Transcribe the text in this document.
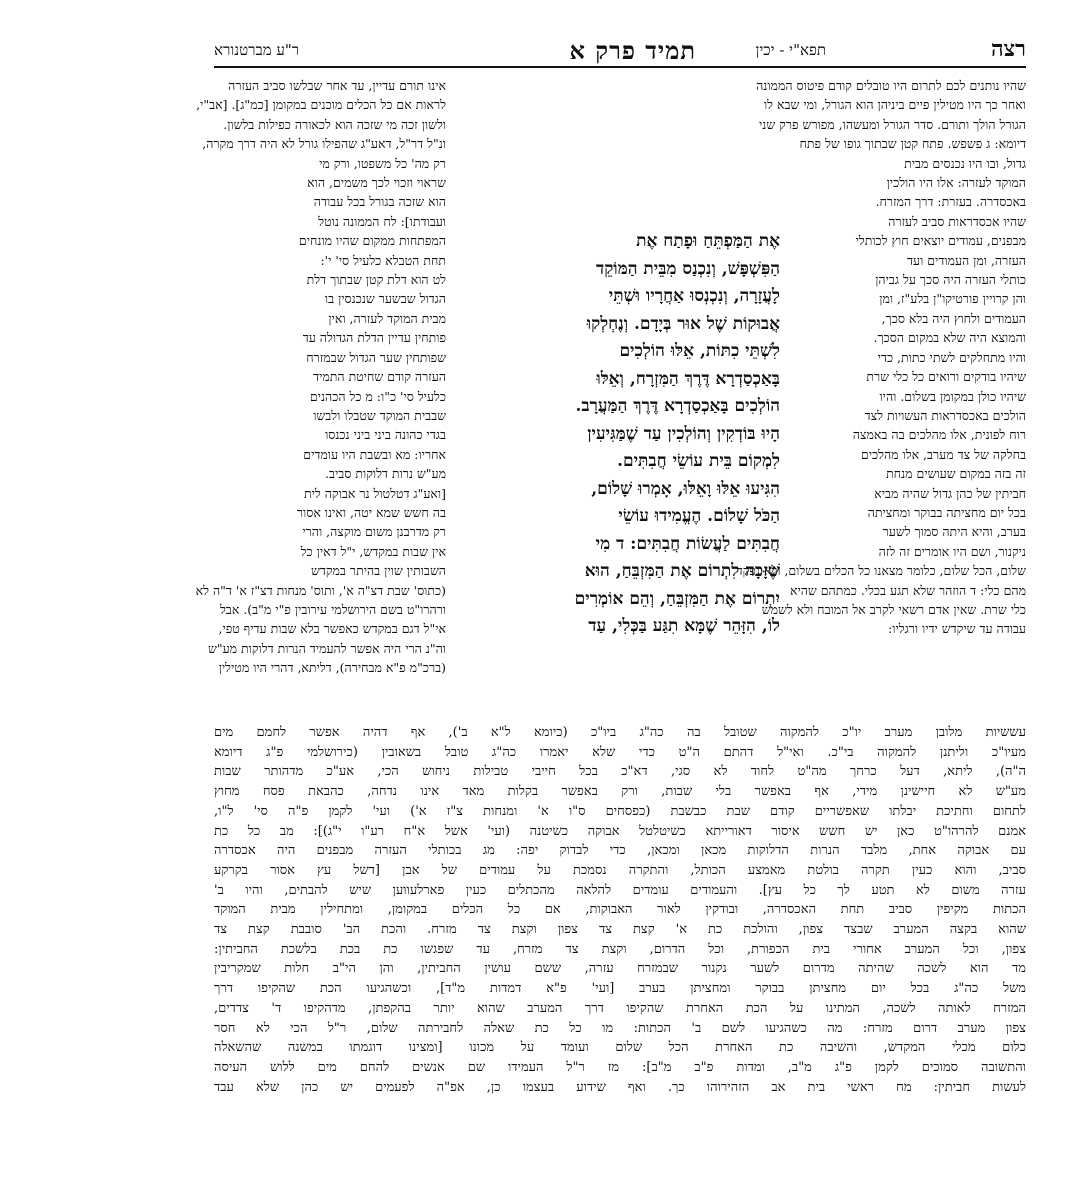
רצה
תפא"י - יכין
תמיד פרק א
ר"ע מברטנורא
שהיו נותנים לכם לתרום היו טובלים קודם פיטוס הממונה
ואחר כך היו מטילין פיים ביניהן הוא הגורל, ומי שבא לו
הגורל הולך ותורם. סדר הגורל ומעשהו, מפורש פרק שני
דיומא: ג פשפש. פתח קטן שבתוך גופו של פתח
גדול, ובו היו נכנסים מבית
המוקד לעזרה: אלו היו הולכין
באכסדרה. בעזרת: דרך המזרח.
שהיו אכסדראות סביב לעזרה
מבפנים, עמודים יוצאים חוץ לכותלי
העזרה, ומן העמודים ועד
כותלי העזרה היה סכך על גביהן
והן קרויין פורטיקו"ן בלע"ז, ומן
העמודים ולחוץ היה בלא סכך,
והמוצא היה שלא במקום הסכך.
והיו מתחלקים לשתי כתות, כדי
שיהיו בודקים ורואים כל כלי שרת
שיהיו כולן במקומן בשלום. והיו
הולכים באכסדראות העשויות לצד
רוח לפונית, אלו מהלכים בה באמצה
בחלקה של צד מערב, אלו מהלכים
זה בזה במקום שעושים מנחת
חביתין של כהן גדול שהיה מביא
בכל יום מחציתה בבוקר ומחציתה
בערב, והיא היתה סמוך לשער
ניקנור, ושם היו אומרים זה לזה
שלום, הכל שלום, כלומר מצאנו כל הכלים בשלום, ולא נפקד
מהם כלי: ד הוזהר שלא תגע בכלי. כמתהם שהיא
כלי שרת. שאין אדם רשאי לקרב אל המובח ולא לשמש
עבודה עד שיקדש ידיו ורגליו:
אינו תורם עדיין, עד אחר שבלשו סביב העזרה
לראות אם כל הכלים מוכנים במקומן [כמ"ג]. [אב"י,
ולשון זכה מי שזכה הוא לכאורה כפילות בלשון.
ונ"ל דר"ל, דאע"ג שהפילו גורל לא היה דרך מקרה,
רק מה' כל משפטו, ורק מי
שראוי וזכוי לכך משמים, הוא
הוא שזכה בגורל בכל עבודה
ועבודתו]: לח הממונה נוטל
המפתחות ממקום שהיו מונחים
תחת הטבלא כלעיל סי' י':
לט הוא דלת קטן שבתוך דלת
הגדול שבשער שנכנסין בו
מבית המוקד לעזרה, ואין
פותחין עדיין הדלת הגדולה עד
שפותחין שער הגדול שבמזרח
העזרה קודם שחיטת התמיד
כלעיל סי' כ"ו: מ כל הכהנים
שבבית המוקד שטבלו ולבשו
בגדי כהונה ביני ביני נכנסו
אחריו: מא ובשבת היו עומדים
מע"ש נרות דלוקות סביב.
[ואע"ג דטלטול נר אבוקה לית
בה חשש שמא יטה, ואינו אסור
רק מדרבנן משום מוקצה, והרי
אין שבות במקדש, י"ל דאין כל
השבותין שוין בהיתר במקדש
(כתוס' שבת דצ"ה א', ותוס' מנחות דצ"ז א' ד"ה לא
ורהרו"ט בשם הירושלמי עירובין פ"י מ"ב). אבל
אי"ל דגם במקדש כאפשר בלא שבות עדיף טפי,
וה"נ הרי היה אפשר להעמיד הנרות דלוקות מע"ש
(ברכ"מ פ"א מבחירה), דליתא, דהרי היו מטילין
אֶת הַמַּפְתֵּחַ וּפָתַח אֶת
הַפִּשְׁפָּשׁ, וְנִכְנַס מִבֵּית הַמּוֹקֵד
לָעֲזָרָה, וְנִכְנְסוּ אַחֲרָיו וּשְׁתֵּי
אֲבוּקוֹת שֶׁל אוּר בְּיָדָם. וְנֶחְלְקוּ
לִשְׁתֵּי כִתּוֹת, אֵלּוּ הוֹלְכִים
בָּאַכְסַדְרָא דֶּרֶךְ הַמִּזְרָח, וְאֵלּוּ
הוֹלְכִים בָּאַכְסַדְרָא דֶּרֶךְ הַמַּעֲרָב.
הָיוּ בּוֹדְקִין וְהוֹלְכִין עַד שֶׁמַּגִּיעִין
לִמְקוֹם בֵּית עוֹשֵׂי חֲבִתִּים.
הִגִּיעוּ אֵלּוּ וָאֵלּוּ, אָמְרוּ שָׁלוֹם,
הַכֹּל שָׁלוֹם. הֶעֱמִידוּ עוֹשֵׂי
חֲבִתִּים לַעֲשׂוֹת חֲבִתִּים: ד מִי
שֶׁזָּכָה לִתְרוֹם אֶת הַמִּזְבֵּחַ, הוּא
יִתְרוֹם אֶת הַמִּזְבֵּחַ, וְהֵם אוֹמְרִים
לוֹ, הִזָּהֵר שֶׁמָּא תִגַּע בַּכְּלִי, עַד
עששיות מלובן מערב יו"כ להמקוה שטובל בה כה"ג ביו"כ (כיומא ל"א ב'), אף דהיה אפשר לחמם מים
מעיו"כ וליתנן להמקוה בי"כ. ואי"ל דהתם ה"ט כדי שלא יאמרו כה"ג טובל בשאובין (כירושלמי פ"ג דיומא
ה"ה), ליתא, דעל כרחך מה"ט לחוד לא סגי, דא"כ בכל חייבי טבילות ניחוש הכי, אע"כ מדהותר שבות
מע"ש לא חיישינן מידי, אף באפשר בלי שבות, ורק באפשר בקלות מאד אינו נדחה, כהבאת פסח מחוץ
לתחום וחתיכת יבלתו שאפשריים קודם שבת כבשבת (כפסחים ס"ו א' ומנחות צ"ז א') ועי' לקמן פ"ה סי' ל"ו,
אמנם להרהו"ט כאן יש חשש איסור דאורייתא כשיטלטל אבוקה כשיטנה (ועי' אשל א"ח רע"ו י"ג)]: מב כל כת
עם אבוקה אחת, מלבד הנרות הדלוקות מכאן ומכאן, כדי לבדוק יפה: מג בכותלי העזרה מבפנים היה אכסדרה
סביב, והוא כעין תקרה בולטת מאמצע הכותל, והתקרה נסמכת על עמודים של אבן [דשל עץ אסור בקרקע
עזרה משום לא תטע לך כל עץ]. והעמודים עומדים להלאה מהכתלים כעין פארלעווען שיש להבתים, והיו ב'
הכתות מקיפין סביב תחת האכסדרה, ובודקין לאור האבוקות, אם כל הכלים במקומן, ומתחילין מבית המוקד
שהוא בקצה המערב שבצד צפון, והולכת כת א' קצת צד צפון וקצת צד מזרח. והכת הב' סובבת קצת צד
צפון, וכל המערב אחורי בית הכפורת, וכל הדרום, וקצת צד מזרח, עד שפגשו כת בכת בלשכת החביתין:
מד הוא לשכה שהיתה מדרום לשער נקנור שבמזרח עזרה, ששם עושין החביתין, והן הי"ב חלות שמקריבין
משל כה"ג בכל יום מחציתן בבוקר ומחציתן בערב [ועי' פ"א דמדות מ"ד], וכשהגיעו הכת שהקיפו דרך
המזרח לאותה לשכה, המתינו על הכת האחרת שהקיפו דרך המערב שהוא יותר בהקפתן, מדהקיפו ד' צדדים,
צפון מערב דרום מזרח: מה כשהגיעו לשם ב' הכתות: מו כל כת שאלה לחבירתה שלום, ר"ל הכי לא חסר
כלום מכלי המקדש, והשיבה כת האחרת הכל שלום ועומד על מכונו [ומצינו דוגמתו במשנה שהשאלה
והתשובה סמוכים לקמן פ"ג מ"ב, ומדות פ"ב מ"ב]: מז ר"ל העמידו שם אנשים להחם מים ללוש העיסה
לעשות חביתין: מח ראשי בית אב הזהירוהו כך. ואף שידוע בעצמו כן, אפ"ה לפעמים יש כהן שלא עבד
